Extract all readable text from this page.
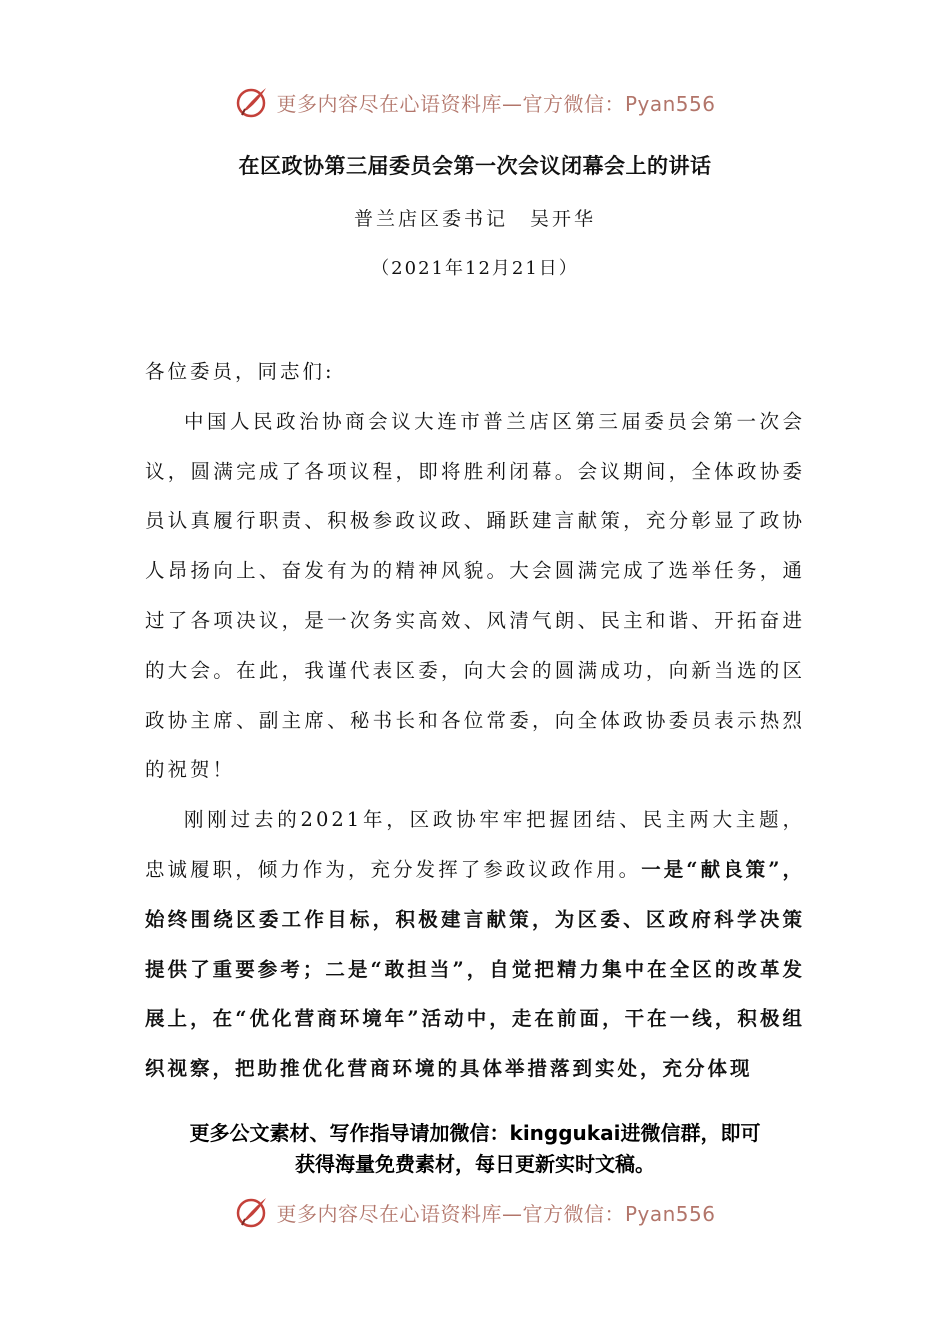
更多内容尽在心语资料库—官方微信：Pyan556
在区政协第三届委员会第一次会议闭幕会上的讲话
普兰店区委书记　吴开华
（2021年12月21日）

各位委员，同志们:

中国人民政治协商会议大连市普兰店区第三届委员会第一次会议，圆满完成了各项议程，即将胜利闭幕。会议期间，全体政协委员认真履行职责、积极参政议政、踊跃建言献策，充分彰显了政协人昂扬向上、奋发有为的精神风貌。大会圆满完成了选举任务，通过了各项决议，是一次务实高效、风清气朗、民主和谐、开拓奋进的大会。在此，我谨代表区委，向大会的圆满成功，向新当选的区政协主席、副主席、秘书长和各位常委，向全体政协委员表示热烈的祝贺！

刚刚过去的2021年，区政协牢牢把握团结、民主两大主题，忠诚履职，倾力作为，充分发挥了参政议政作用。一是“献良策”，始终围绕区委工作目标，积极建言献策，为区委、区政府科学决策提供了重要参考；二是“敢担当”，自觉把精力集中在全区的改革发展上，在“优化营商环境年”活动中，走在前面，干在一线，积极组织视察，把助推优化营商环境的具体举措落到实处，充分体现

更多公文素材、写作指导请加微信：kinggukai进微信群，即可
获得海量免费素材，每日更新实时文稿。
更多内容尽在心语资料库—官方微信：Pyan556
